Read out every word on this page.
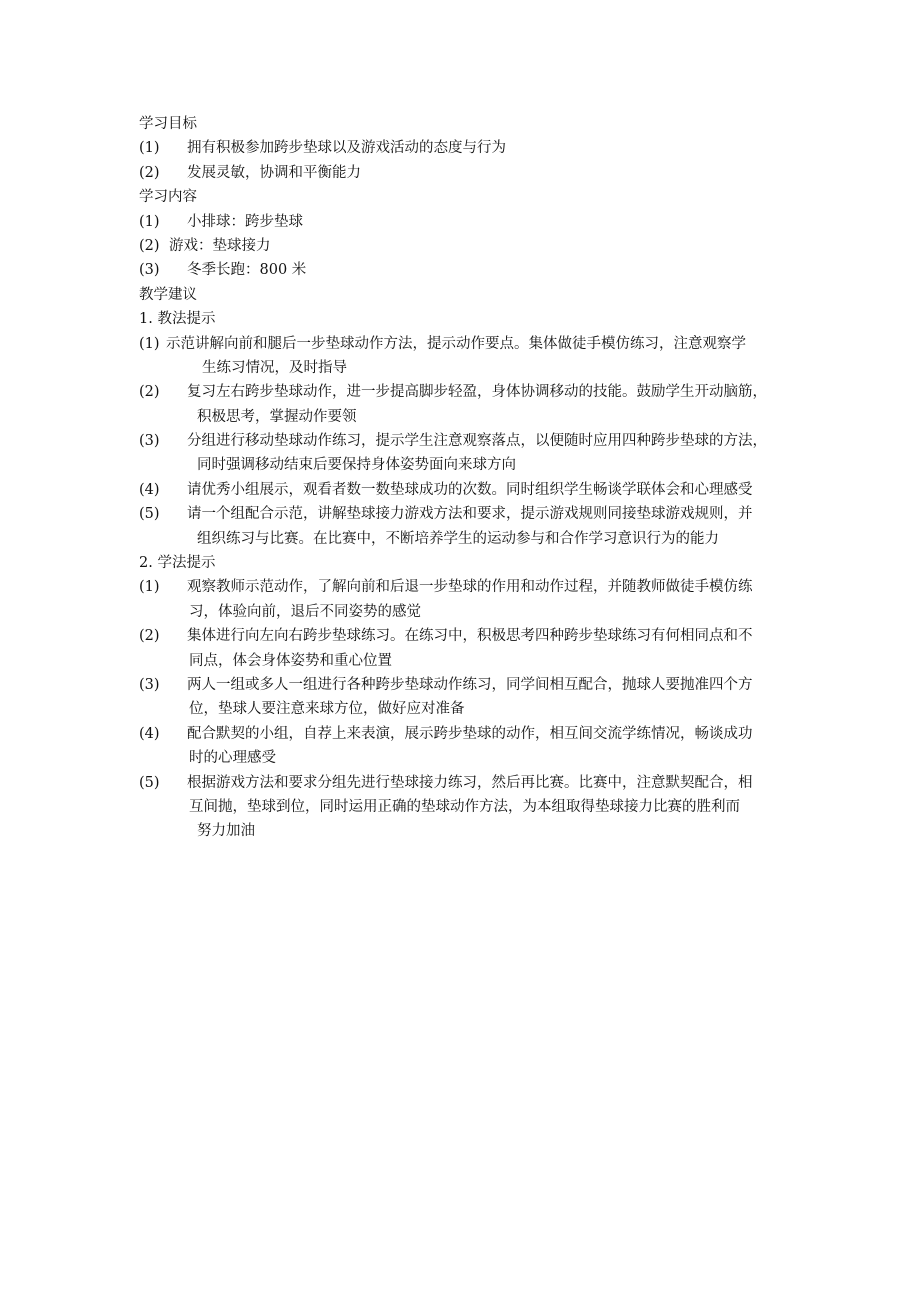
学习目标
(1)	拥有积极参加跨步垫球以及游戏活动的态度与行为
(2)	发展灵敏，协调和平衡能力
学习内容
(1)	小排球：跨步垫球
(2) 游戏：垫球接力
(3)	冬季长跑：800 米
教学建议
1. 教法提示
(1) 示范讲解向前和腿后一步垫球动作方法，提示动作要点。集体做徒手模仿练习，注意观察学
生练习情况，及时指导
(2)	复习左右跨步垫球动作，进一步提高脚步轻盈，身体协调移动的技能。鼓励学生开动脑筋，
积极思考，掌握动作要领
(3)	分组进行移动垫球动作练习，提示学生注意观察落点，以便随时应用四种跨步垫球的方法，
同时强调移动结束后要保持身体姿势面向来球方向
(4)	请优秀小组展示，观看者数一数垫球成功的次数。同时组织学生畅谈学联体会和心理感受
(5)	请一个组配合示范，讲解垫球接力游戏方法和要求，提示游戏规则同接垫球游戏规则，并
组织练习与比赛。在比赛中，不断培养学生的运动参与和合作学习意识行为的能力
2. 学法提示
(1)	观察教师示范动作，了解向前和后退一步垫球的作用和动作过程，并随教师做徒手模仿练
习，体验向前，退后不同姿势的感觉
(2)	集体进行向左向右跨步垫球练习。在练习中，积极思考四种跨步垫球练习有何相同点和不
同点，体会身体姿势和重心位置
(3)	两人一组或多人一组进行各种跨步垫球动作练习，同学间相互配合，抛球人要抛准四个方
位，垫球人要注意来球方位，做好应对准备
(4)	配合默契的小组，自荐上来表演，展示跨步垫球的动作，相互间交流学练情况，畅谈成功
时的心理感受
(5)	根据游戏方法和要求分组先进行垫球接力练习，然后再比赛。比赛中，注意默契配合，相
互间抛，垫球到位，同时运用正确的垫球动作方法，为本组取得垫球接力比赛的胜利而
努力加油
